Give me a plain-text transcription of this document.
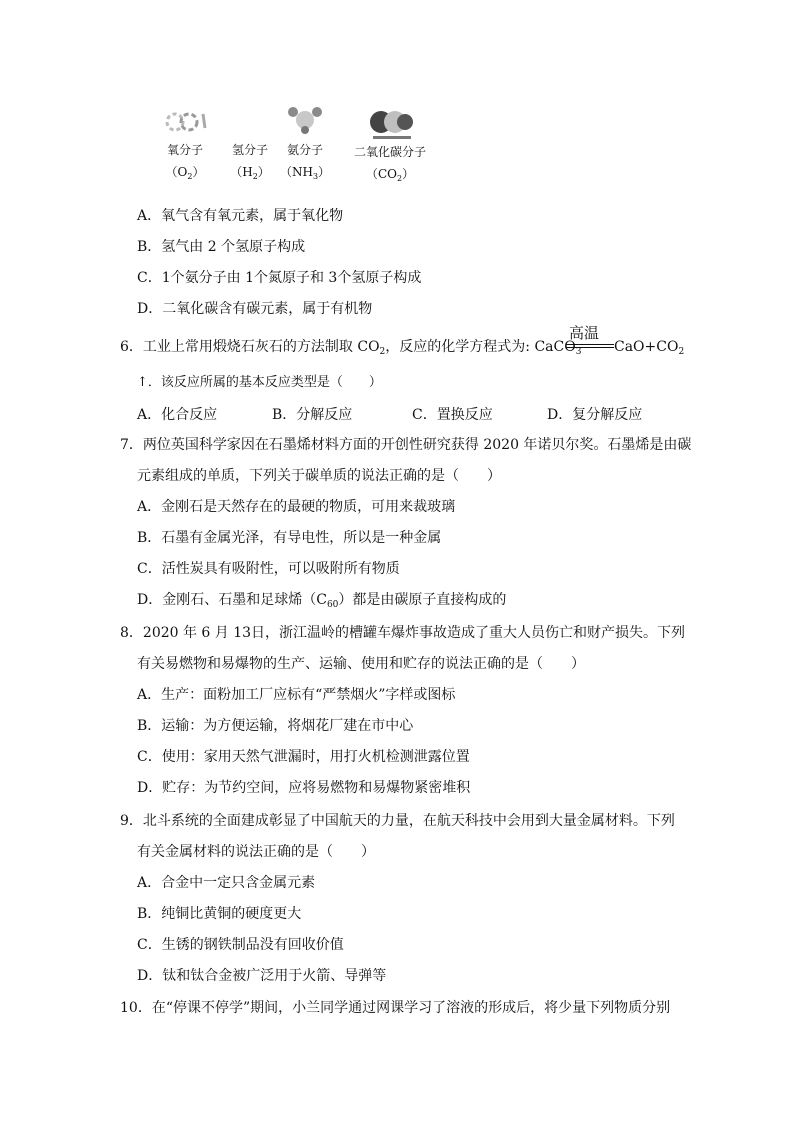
氧分子
$(O_2)$
氢分子
$(H_2)$
氨分子
$(NH_3)$
二氧化碳分子
$(CO_2)$
A．氧气含有氧元素，属于氧化物
B．氢气由 2 个氢原子构成
C．1个氨分子由 1个氮原子和 3个氢原子构成
D．二氧化碳含有碳元素，属于有机物
6．工业上常用煅烧石灰石的方法制取 $CO_2$，反应的化学方程式为: CaCO$_3$
高温
$CaO+CO_2$
↑．该反应所属的基本反应类型是（　　）
A．化合反应	B．分解反应	C．置换反应	D．复分解反应
7．两位英国科学家因在石墨烯材料方面的开创性研究获得 2020 年诺贝尔奖。石墨烯是由碳
元素组成的单质，下列关于碳单质的说法正确的是（　　）
A．金刚石是天然存在的最硬的物质，可用来裁玻璃
B．石墨有金属光泽，有导电性，所以是一种金属
C．活性炭具有吸附性，可以吸附所有物质
D．金刚石、石墨和足球烯$(C_{60})$都是由碳原子直接构成的
8．2020 年 6 月 13日，浙江温岭的槽罐车爆炸事故造成了重大人员伤亡和财产损失。下列
有关易燃物和易爆物的生产、运输、使用和贮存的说法正确的是（　　）
A．生产：面粉加工厂应标有“严禁烟火”字样或图标
B．运输：为方便运输，将烟花厂建在市中心
C．使用：家用天然气泄漏时，用打火机检测泄露位置
D．贮存：为节约空间，应将易燃物和易爆物紧密堆积
9．北斗系统的全面建成彰显了中国航天的力量，在航天科技中会用到大量金属材料。下列
有关金属材料的说法正确的是（　　）
A．合金中一定只含金属元素
B．纯铜比黄铜的硬度更大
C．生锈的钢铁制品没有回收价值
D．钛和钛合金被广泛用于火箭、导弹等
10．在“停课不停学”期间，小兰同学通过网课学习了溶液的形成后，将少量下列物质分别
